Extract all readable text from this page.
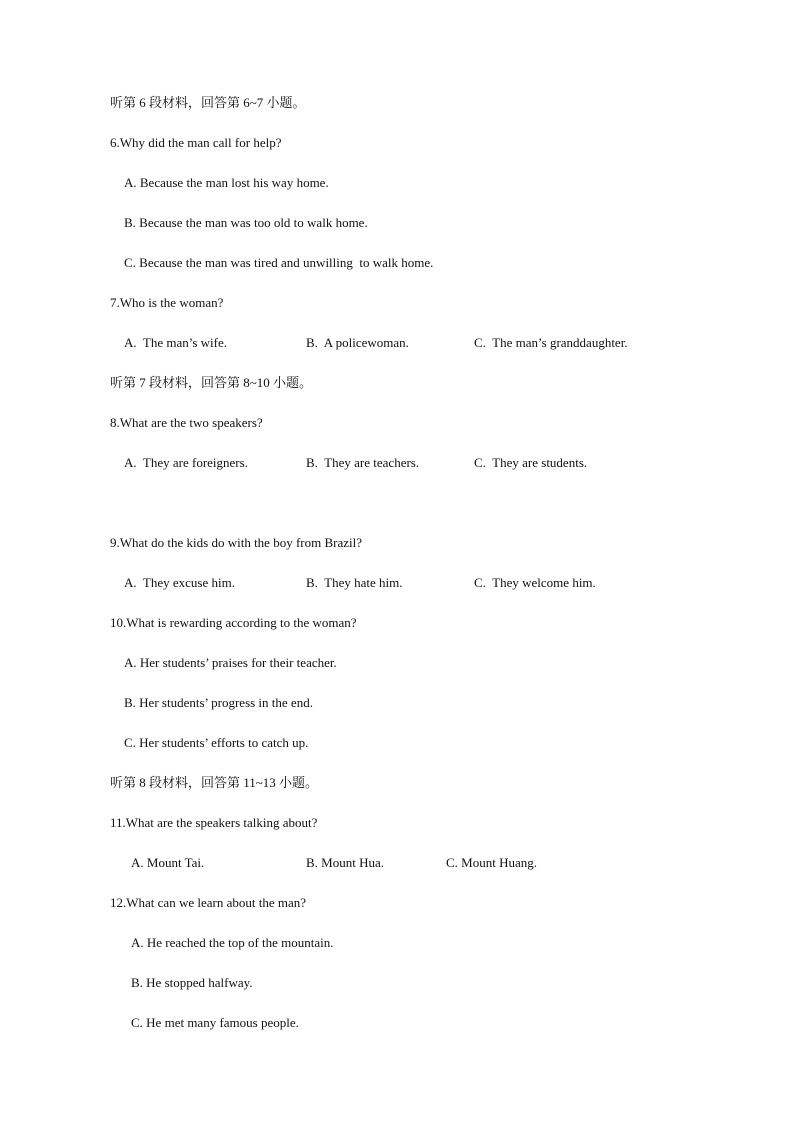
听第 6 段材料，回答第 6~7 小题。
6.Why did the man call for help?
A. Because the man lost his way home.
B. Because the man was too old to walk home.
C. Because the man was tired and unwilling  to walk home.
7.Who is the woman?
A.  The man’s wife.	B.  A policewoman.	C.  The man’s granddaughter.
听第 7 段材料，回答第 8~10 小题。
8.What are the two speakers?
A.  They are foreigners.	B.  They are teachers.	C.  They are students.
9.What do the kids do with the boy from Brazil?
A.  They excuse him.	B.  They hate him.	C.  They welcome him.
10.What is rewarding according to the woman?
A. Her students’ praises for their teacher.
B. Her students’ progress in the end.
C. Her students’ efforts to catch up.
听第 8 段材料，回答第 11~13 小题。
11.What are the speakers talking about?
A. Mount Tai.	B. Mount Hua.	C. Mount Huang.
12.What can we learn about the man?
A. He reached the top of the mountain.
B. He stopped halfway.
C. He met many famous people.
